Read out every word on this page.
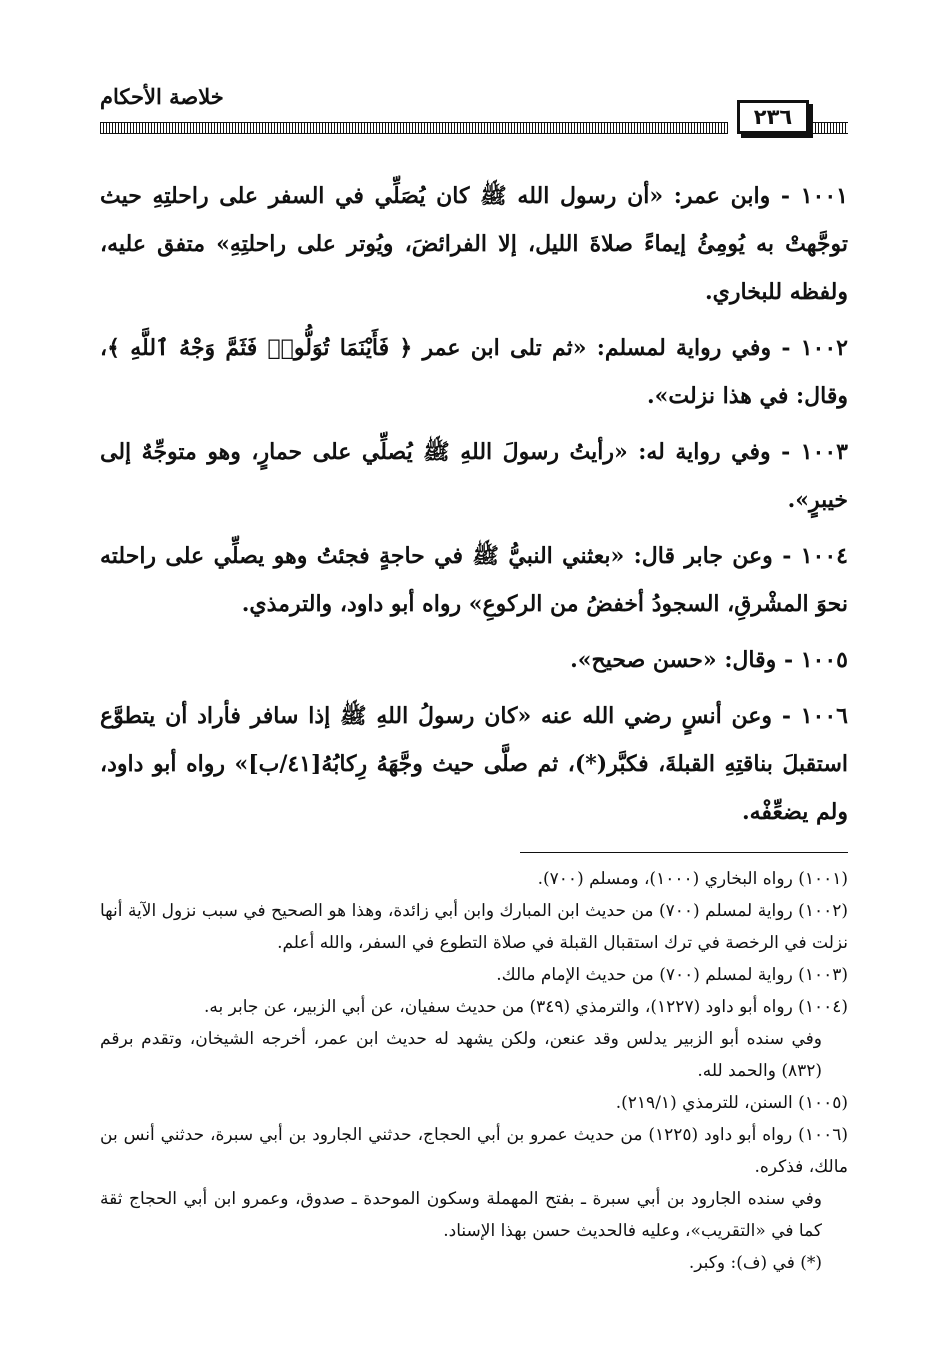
خلاصة الأحكام
٢٣٦

١٠٠١ - وابن عمر: «أن رسول الله ﷺ كان يُصَلِّي في السفر على راحلتِهِ حيث توجَّهتْ به يُومِئُ إيماءً صلاةَ الليل، إلا الفرائضَ، ويُوتر على راحلتِهِ» متفق عليه، ولفظه للبخاري.

١٠٠٢ - وفي رواية لمسلم: «ثم تلى ابن عمر ﴿ فَأَيْنَمَا تُوَلُّوا۟ فَثَمَّ وَجْهُ ٱللَّهِ ﴾، وقال: في هذا نزلت».

١٠٠٣ - وفي رواية له: «رأيتُ رسولَ اللهِ ﷺ يُصلِّي على حمارٍ، وهو متوجِّهٌ إلى خيبرٍ».

١٠٠٤ - وعن جابر قال: «بعثني النبيُّ ﷺ في حاجةٍ فجئتُ وهو يصلِّي على راحلته نحوَ المشْرقِ، السجودُ أخفضُ من الركوعِ» رواه أبو داود، والترمذي.

١٠٠٥ - وقال: «حسن صحيح».

١٠٠٦ - وعن أنسٍ رضي الله عنه «كان رسولُ اللهِ ﷺ إذا سافر فأراد أن يتطوَّع استقبلَ بناقتِهِ القبلةَ، فكبَّر(*)، ثم صلَّى حيث وجَّهَهُ رِكابُهُ[٤١/ب]» رواه أبو داود، ولم يضعِّفْه.

(١٠٠١) رواه البخاري (١٠٠٠)، ومسلم (٧٠٠).

(١٠٠٢) رواية لمسلم (٧٠٠) من حديث ابن المبارك وابن أبي زائدة، وهذا هو الصحيح في سبب نزول الآية أنها نزلت في الرخصة في ترك استقبال القبلة في صلاة التطوع في السفر، والله أعلم.

(١٠٠٣) رواية لمسلم (٧٠٠) من حديث الإمام مالك.

(١٠٠٤) رواه أبو داود (١٢٢٧)، والترمذي (٣٤٩) من حديث سفيان، عن أبي الزبير، عن جابر به.

وفي سنده أبو الزبير يدلس وقد عنعن، ولكن يشهد له حديث ابن عمر، أخرجه الشيخان، وتقدم برقم (٨٣٢) والحمد لله.

(١٠٠٥) السنن، للترمذي (٢١٩/١).

(١٠٠٦) رواه أبو داود (١٢٢٥) من حديث عمرو بن أبي الحجاج، حدثني الجارود بن أبي سبرة، حدثني أنس بن مالك، فذكره.

وفي سنده الجارود بن أبي سبرة ـ بفتح المهملة وسكون الموحدة ـ صدوق، وعمرو ابن أبي الحجاج ثقة كما في «التقريب»، وعليه فالحديث حسن بهذا الإسناد.

(*) في (ف): وكبر.
